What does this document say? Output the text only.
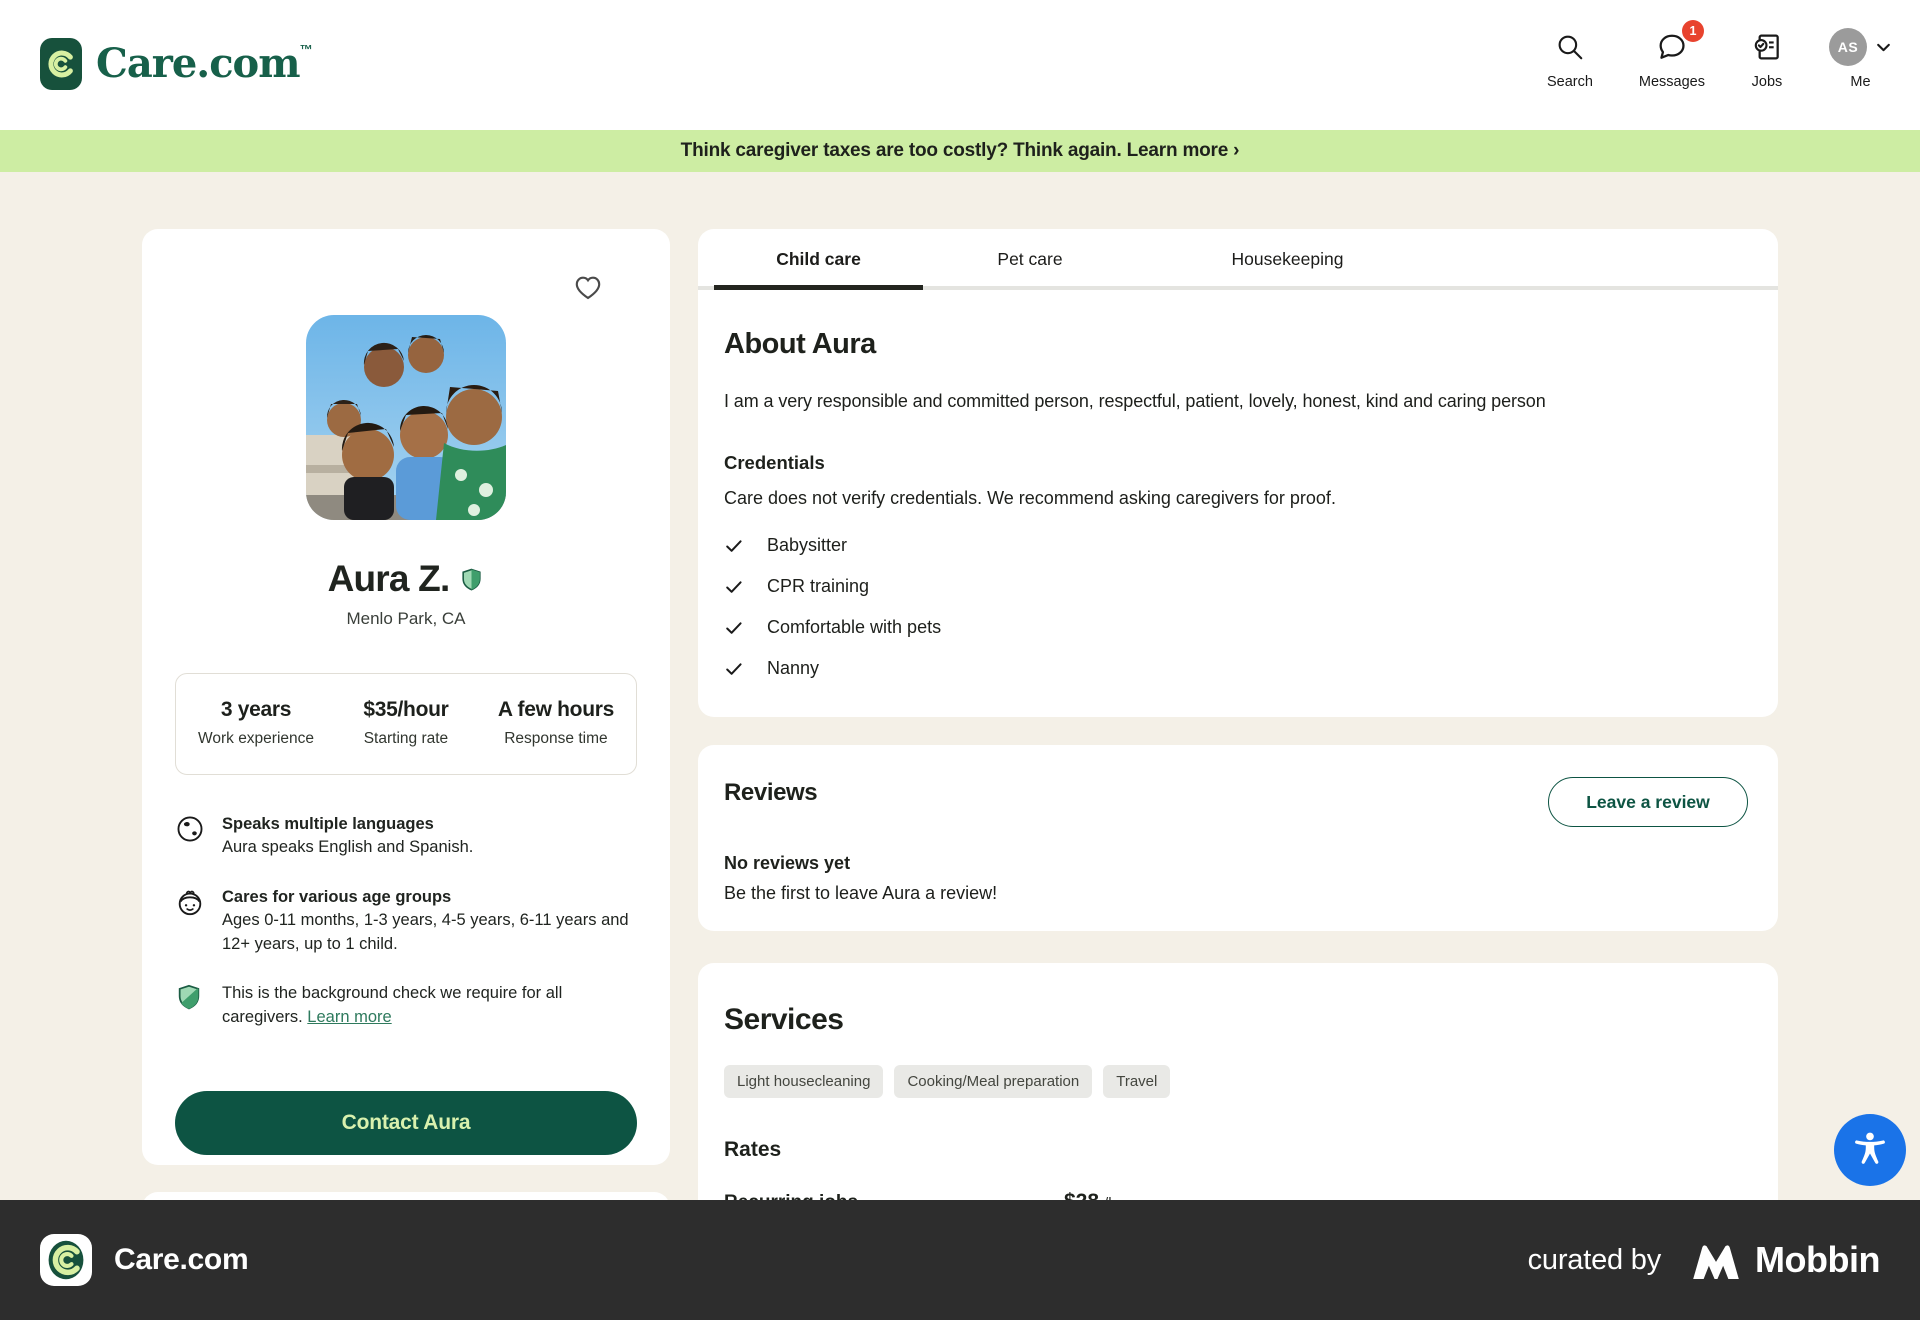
Care.com ™
Search
1
Messages	Jobs
AS
Me
Think caregiver taxes are too costly? Think again. Learn more ›
Aura Z.
Menlo Park, CA
3 years
Work experience
$35/hour
Starting rate
A few hours
Response time
Speaks multiple languages
Aura speaks English and Spanish.
Cares for various age groups
Ages 0-11 months, 1-3 years, 4-5 years, 6-11 years and 12+ years, up to 1 child.
This is the background check we require for all caregivers. Learn more
Contact Aura
Child care	Pet care	Housekeeping
About Aura

I am a very responsible and committed person, respectful, patient, lovely, honest, kind and caring person

Credentials

Care does not verify credentials. We recommend asking caregivers for proof.

Babysitter
CPR training
Comfortable with pets
Nanny
Reviews	Leave a review
No reviews yet
Be the first to leave Aura a review!
Services
Light housecleaning	Cooking/Meal preparation	Travel
Rates
Care.com	curated by	Mobbin
